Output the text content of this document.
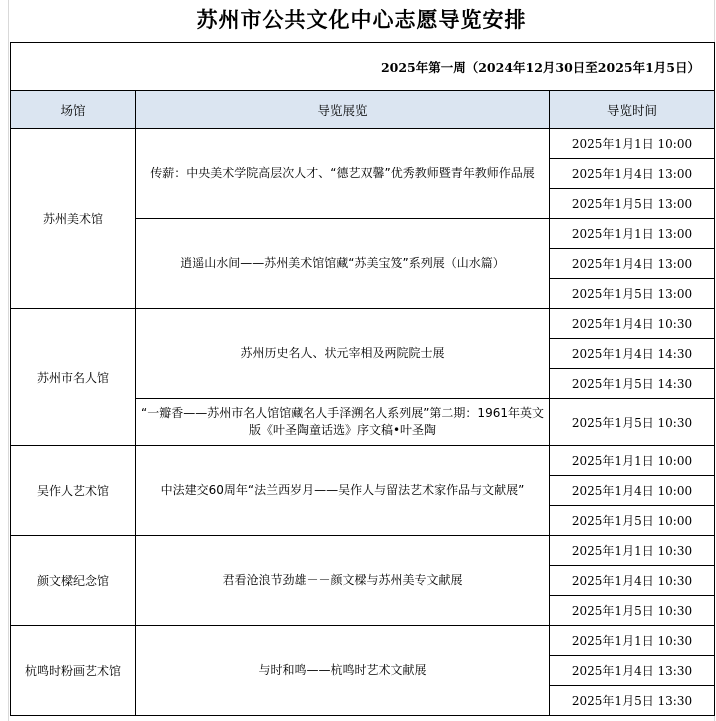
苏州市公共文化中心志愿导览安排
2025年第一周（2024年12月30日至2025年1月5日）		
场馆	导览展览	导览时间
苏州美术馆	传薪：中央美术学院高层次人才、“德艺双馨”优秀教师暨青年教师作品展	2025年1月1日 10:00
		2025年1月4日 13:00
		2025年1月5日 13:00
	逍遥山水间——苏州美术馆馆藏“苏美宝笈”系列展（山水篇）	2025年1月1日 13:00
		2025年1月4日 13:00
		2025年1月5日 13:00
苏州市名人馆	苏州历史名人、状元宰相及两院院士展	2025年1月4日 10:30
		2025年1月4日 14:30
		2025年1月5日 14:30
	“一瓣香——苏州市名人馆馆藏名人手泽溯名人系列展”第二期：1961年英文版《叶圣陶童话选》序文稿•叶圣陶	2025年1月5日 10:30
吴作人艺术馆	中法建交60周年“法兰西岁月——吴作人与留法艺术家作品与文献展”	2025年1月1日 10:00
		2025年1月4日 10:00
		2025年1月5日 10:00
颜文樑纪念馆	君看沧浪节劲雄－－颜文樑与苏州美专文献展	2025年1月1日 10:30
		2025年1月4日 10:30
		2025年1月5日 10:30
杭鸣时粉画艺术馆	与时和鸣——杭鸣时艺术文献展	2025年1月1日 10:30
		2025年1月4日 13:30
		2025年1月5日 13:30
